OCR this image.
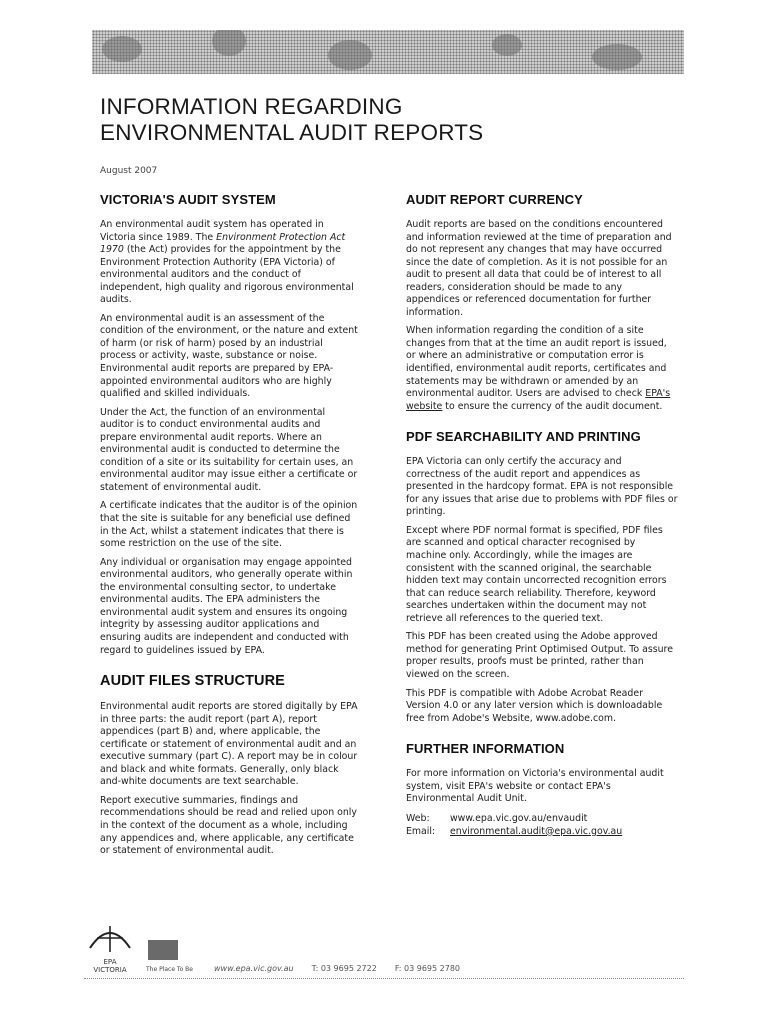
INFORMATION REGARDING
ENVIRONMENTAL AUDIT REPORTS
August 2007
VICTORIA'S AUDIT SYSTEM

An environmental audit system has operated in Victoria since 1989. The Environment Protection Act 1970 (the Act) provides for the appointment by the Environment Protection Authority (EPA Victoria) of environmental auditors and the conduct of independent, high quality and rigorous environmental audits.

An environmental audit is an assessment of the condition of the environment, or the nature and extent of harm (or risk of harm) posed by an industrial process or activity, waste, substance or noise. Environmental audit reports are prepared by EPA-appointed environmental auditors who are highly qualified and skilled individuals.

Under the Act, the function of an environmental auditor is to conduct environmental audits and prepare environmental audit reports. Where an environmental audit is conducted to determine the condition of a site or its suitability for certain uses, an environmental auditor may issue either a certificate or statement of environmental audit.

A certificate indicates that the auditor is of the opinion that the site is suitable for any beneficial use defined in the Act, whilst a statement indicates that there is some restriction on the use of the site.

Any individual or organisation may engage appointed environmental auditors, who generally operate within the environmental consulting sector, to undertake environmental audits. The EPA administers the environmental audit system and ensures its ongoing integrity by assessing auditor applications and ensuring audits are independent and conducted with regard to guidelines issued by EPA.

AUDIT FILES STRUCTURE

Environmental audit reports are stored digitally by EPA in three parts: the audit report (part A), report appendices (part B) and, where applicable, the certificate or statement of environmental audit and an executive summary (part C). A report may be in colour and black and white formats. Generally, only black and-white documents are text searchable.

Report executive summaries, findings and recommendations should be read and relied upon only in the context of the document as a whole, including any appendices and, where applicable, any certificate or statement of environmental audit.

AUDIT REPORT CURRENCY

Audit reports are based on the conditions encountered and information reviewed at the time of preparation and do not represent any changes that may have occurred since the date of completion. As it is not possible for an audit to present all data that could be of interest to all readers, consideration should be made to any appendices or referenced documentation for further information.

When information regarding the condition of a site changes from that at the time an audit report is issued, or where an administrative or computation error is identified, environmental audit reports, certificates and statements may be withdrawn or amended by an environmental auditor. Users are advised to check EPA's website to ensure the currency of the audit document.

PDF SEARCHABILITY AND PRINTING

EPA Victoria can only certify the accuracy and correctness of the audit report and appendices as presented in the hardcopy format. EPA is not responsible for any issues that arise due to problems with PDF files or printing.

Except where PDF normal format is specified, PDF files are scanned and optical character recognised by machine only. Accordingly, while the images are consistent with the scanned original, the searchable hidden text may contain uncorrected recognition errors that can reduce search reliability. Therefore, keyword searches undertaken within the document may not retrieve all references to the queried text.

This PDF has been created using the Adobe approved method for generating Print Optimised Output. To assure proper results, proofs must be printed, rather than viewed on the screen.

This PDF is compatible with Adobe Acrobat Reader Version 4.0 or any later version which is downloadable free from Adobe's Website, www.adobe.com.

FURTHER INFORMATION

For more information on Victoria's environmental audit system, visit EPA's website or contact EPA's Environmental Audit Unit.

Web:	www.epa.vic.gov.au/envaudit
Email:	environmental.audit@epa.vic.gov.au
EPA
VICTORIA	The Place To Be	www.epa.vic.gov.au T: 03 9695 2722 F: 03 9695 2780
